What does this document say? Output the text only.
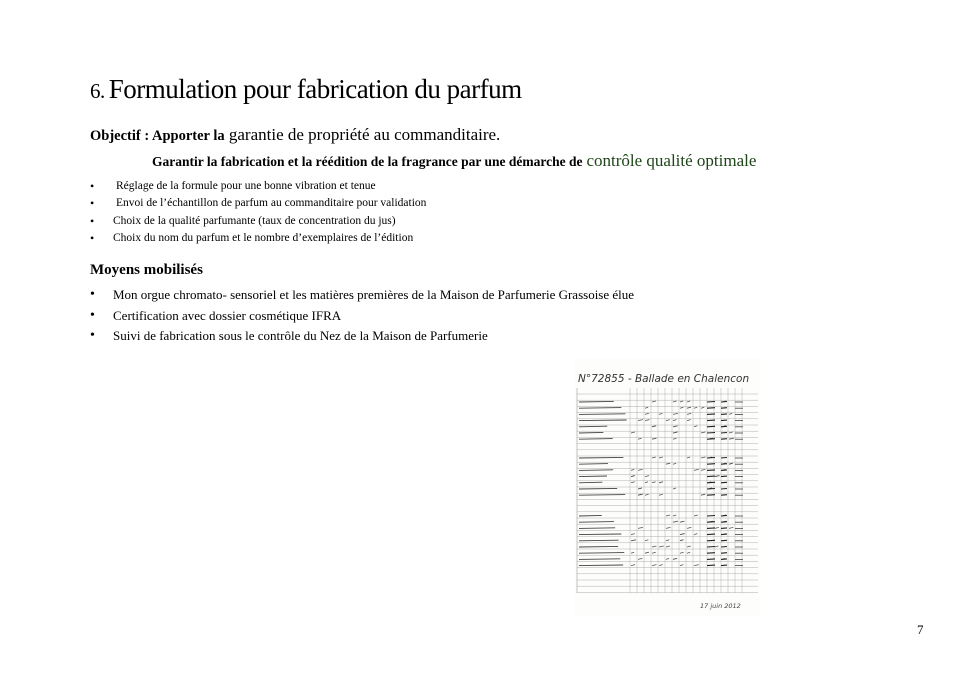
6. Formulation pour fabrication du parfum
Objectif : Apporter la garantie de propriété au commanditaire.
Garantir la fabrication et la réédition de la fragrance par une démarche de contrôle qualité optimale
• Réglage de la formule pour une bonne vibration et tenue
• Envoi de l’échantillon de parfum au commanditaire pour validation
• Choix de la qualité parfumante (taux de concentration du jus)
• Choix du nom du parfum et le nombre d’exemplaires de l’édition
Moyens mobilisés
• Mon orgue chromato- sensoriel et les matières premières de la Maison de Parfumerie Grassoise élue
• Certification avec dossier cosmétique IFRA
• Suivi de fabrication sous le contrôle du Nez de la Maison de Parfumerie
N°72855 - Ballade en Chalencon
17 juin 2012
7
